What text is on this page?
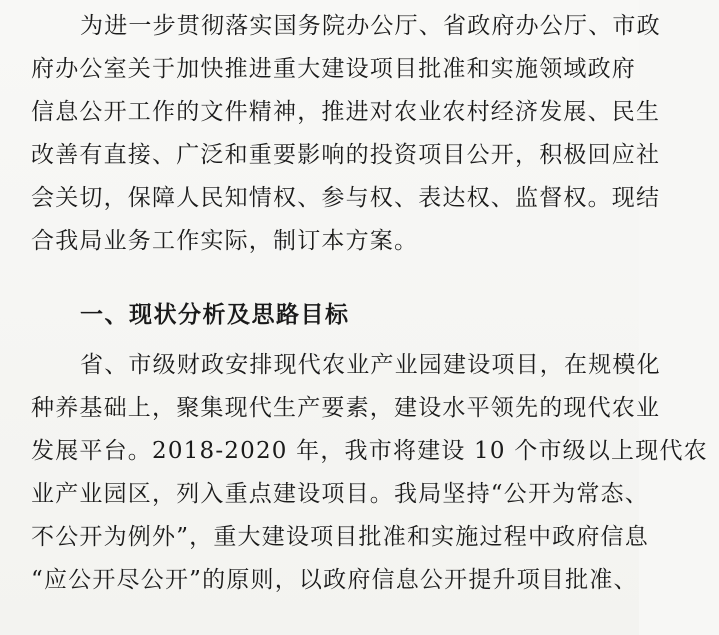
为进一步贯彻落实国务院办公厅、省政府办公厅、市政
府办公室关于加快推进重大建设项目批准和实施领域政府
信息公开工作的文件精神，推进对农业农村经济发展、民生
改善有直接、广泛和重要影响的投资项目公开，积极回应社
会关切，保障人民知情权、参与权、表达权、监督权。现结
合我局业务工作实际，制订本方案。
一、现状分析及思路目标
省、市级财政安排现代农业产业园建设项目，在规模化
种养基础上，聚集现代生产要素，建设水平领先的现代农业
发展平台。2018-2020 年，我市将建设 10 个市级以上现代农
业产业园区，列入重点建设项目。我局坚持“公开为常态、
不公开为例外”，重大建设项目批准和实施过程中政府信息
“应公开尽公开”的原则，以政府信息公开提升项目批准、
